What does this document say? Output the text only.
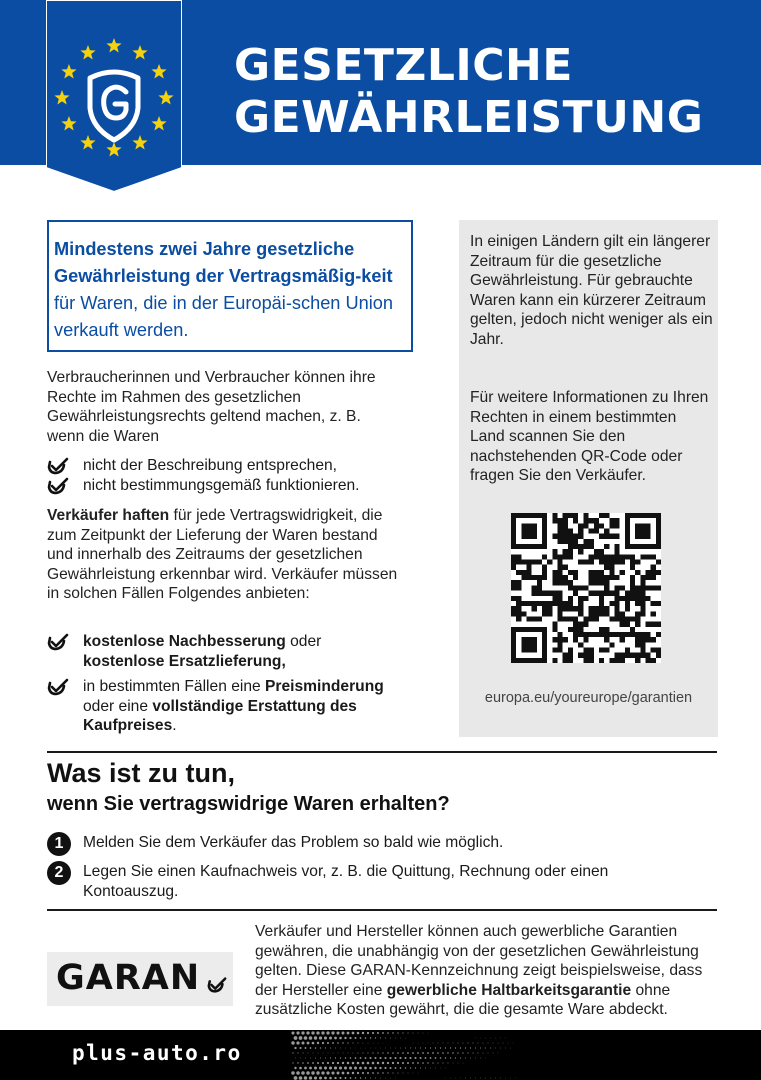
GESETZLICHE
GEWÄHRLEISTUNG
Mindestens zwei Jahre gesetzliche Gewährleistung der Vertragsmäßig-keit für Waren, die in der Europäi-schen Union verkauft werden.
Verbraucherinnen und Verbraucher können ihre Rechte im Rahmen des gesetzlichen Gewährleistungsrechts geltend machen, z. B. wenn die Waren
nicht der Beschreibung entsprechen,
nicht bestimmungsgemäß funktionieren.
Verkäufer haften für jede Vertragswidrigkeit, die zum Zeitpunkt der Lieferung der Waren bestand und innerhalb des Zeitraums der gesetzlichen Gewährleistung erkennbar wird. Verkäufer müssen in solchen Fällen Folgendes anbieten:
kostenlose Nachbesserung oder
kostenlose Ersatzlieferung,
in bestimmten Fällen eine Preisminderung
oder eine vollständige Erstattung des Kaufpreises.
In einigen Ländern gilt ein längerer Zeitraum für die gesetzliche Gewährleistung. Für gebrauchte Waren kann ein kürzerer Zeitraum gelten, jedoch nicht weniger als ein Jahr.
Für weitere Informationen zu Ihren Rechten in einem bestimmten Land scannen Sie den nachstehenden QR-Code oder fragen Sie den Verkäufer.
europa.eu/youreurope/garantien
Was ist zu tun,
wenn Sie vertragswidrige Waren erhalten?
1	Melden Sie dem Verkäufer das Problem so bald wie möglich.
2	Legen Sie einen Kaufnachweis vor, z. B. die Quittung, Rechnung oder einen Kontoauszug.
GARAN
Verkäufer und Hersteller können auch gewerbliche Garantien gewähren, die unabhängig von der gesetzlichen Gewährleistung gelten. Diese GARAN-Kennzeichnung zeigt beispielsweise, dass der Hersteller eine gewerbliche Haltbarkeitsgarantie ohne zusätzliche Kosten gewährt, die die gesamte Ware abdeckt.
plus-auto.ro
